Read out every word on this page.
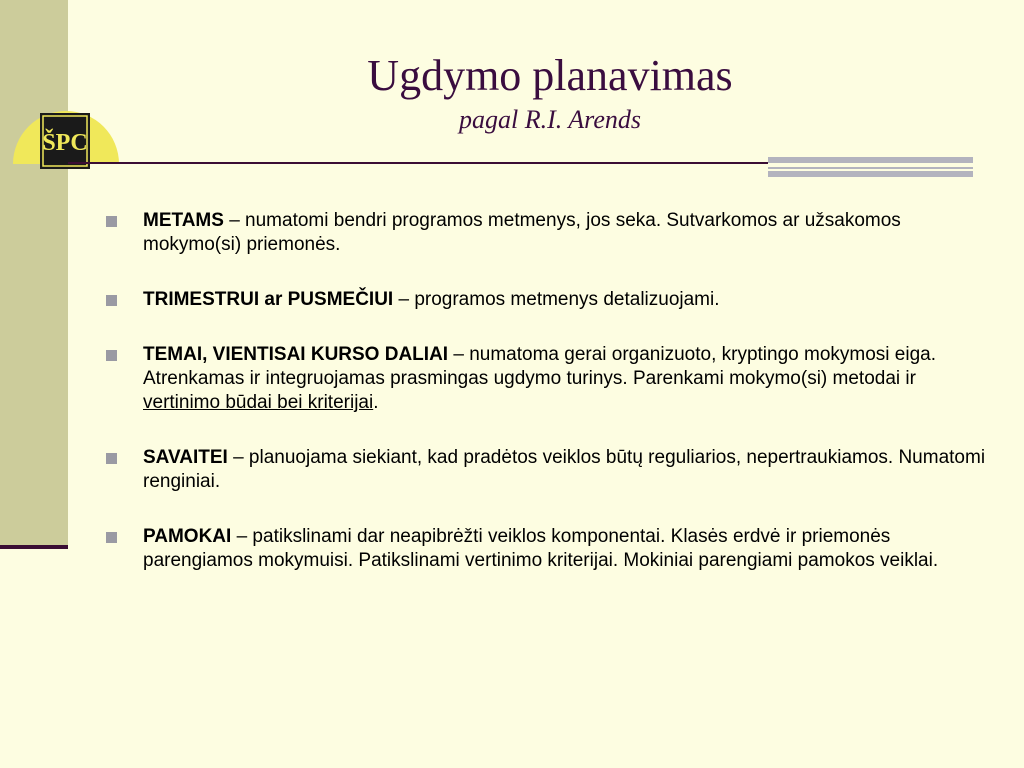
ŠPC
Ugdymo planavimas

pagal R.I. Arends

METAMS – numatomi bendri programos metmenys, jos seka. Sutvarkomos ar užsakomos mokymo(si) priemonės.
TRIMESTRUI ar PUSMEČIUI – programos metmenys detalizuojami.
TEMAI, VIENTISAI KURSO DALIAI – numatoma gerai organizuoto, kryptingo mokymosi eiga. Atrenkamas ir integruojamas prasmingas ugdymo turinys. Parenkami mokymo(si) metodai ir vertinimo būdai bei kriterijai.
SAVAITEI – planuojama siekiant, kad pradėtos veiklos būtų reguliarios, nepertraukiamos. Numatomi renginiai.
PAMOKAI – patikslinami dar neapibrėžti veiklos komponentai. Klasės erdvė ir priemonės parengiamos mokymuisi. Patikslinami vertinimo kriterijai. Mokiniai parengiami pamokos veiklai.
